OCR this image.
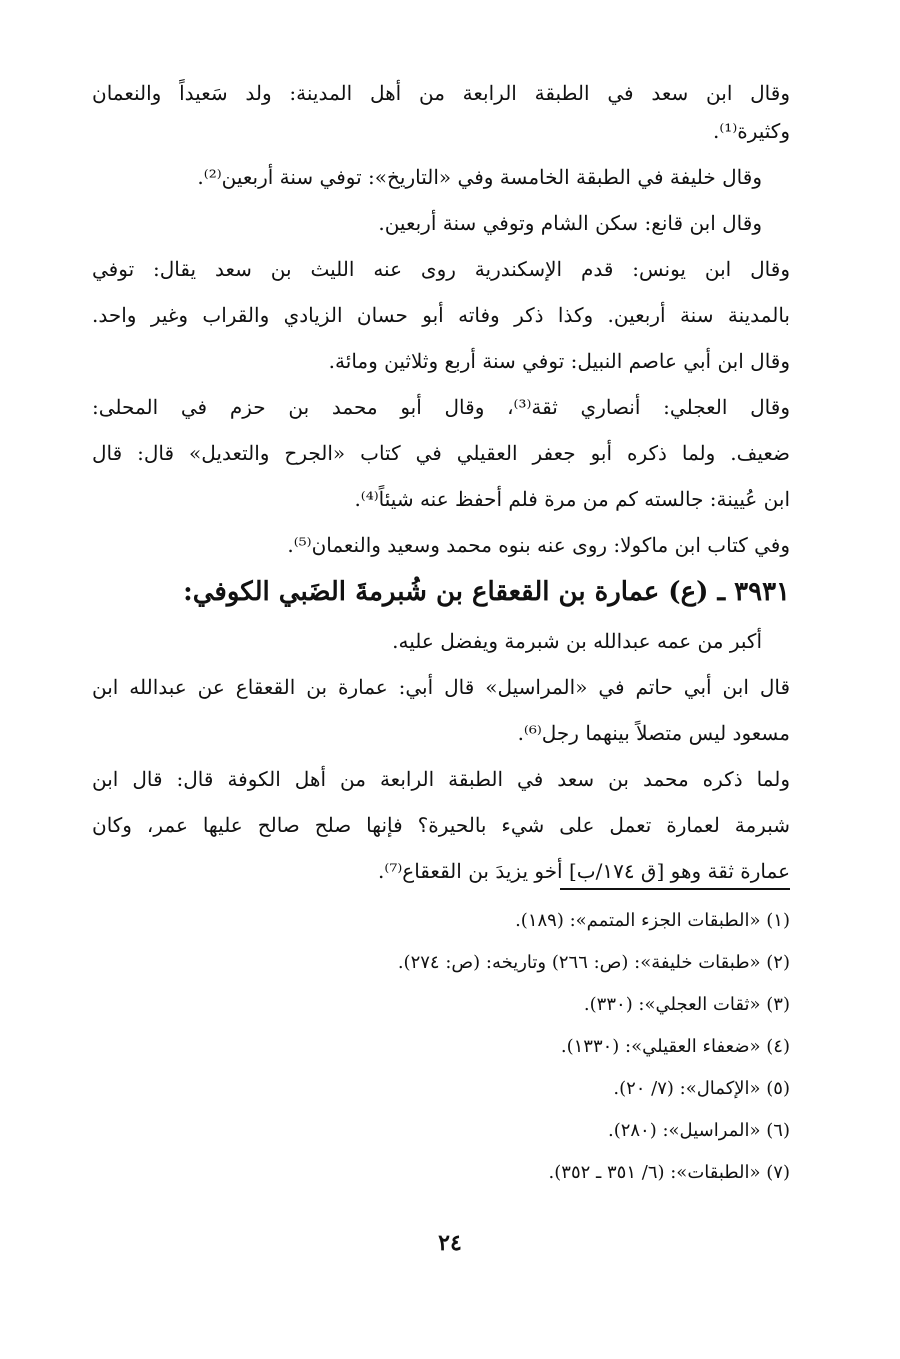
وقال ابن سعد في الطبقة الرابعة من أهل المدينة: ولد سَعيداً والنعمان
وكثيرة⁽¹⁾.
وقال خليفة في الطبقة الخامسة وفي «التاريخ»: توفي سنة أربعين⁽²⁾.
وقال ابن قانع: سكن الشام وتوفي سنة أربعين.
وقال ابن يونس: قدم الإسكندرية روى عنه الليث بن سعد يقال: توفي
بالمدينة سنة أربعين. وكذا ذكر وفاته أبو حسان الزيادي والقراب وغير واحد.
وقال ابن أبي عاصم النبيل: توفي سنة أربع وثلاثين ومائة.
وقال العجلي: أنصاري ثقة⁽³⁾، وقال أبو محمد بن حزم في المحلى:
ضعيف. ولما ذكره أبو جعفر العقيلي في كتاب «الجرح والتعديل» قال: قال
ابن عُيينة: جالسته كم من مرة فلم أحفظ عنه شيئاً⁽⁴⁾.
وفي كتاب ابن ماكولا: روى عنه بنوه محمد وسعيد والنعمان⁽⁵⁾.
٣٩٣١ ـ (ع) عمارة بن القعقاع بن شُبرمةَ الضَبي الكوفي:
أكبر من عمه عبدالله بن شبرمة ويفضل عليه.
قال ابن أبي حاتم في «المراسيل» قال أبي: عمارة بن القعقاع عن عبدالله ابن
مسعود ليس متصلاً بينهما رجل⁽⁶⁾.
ولما ذكره محمد بن سعد في الطبقة الرابعة من أهل الكوفة قال: قال ابن
شبرمة لعمارة تعمل على شيء بالحيرة؟ فإنها صلح صالح عليها عمر، وكان
عمارة ثقة وهو [ق ١٧٤/ب] أخو يزيدَ بن القعقاع⁽⁷⁾.
(١) «الطبقات الجزء المتمم»: (١٨٩).
(٢) «طبقات خليفة»: (ص: ٢٦٦) وتاريخه: (ص: ٢٧٤).
(٣) «ثقات العجلي»: (٣٣٠).
(٤) «ضعفاء العقيلي»: (١٣٣٠).
(٥) «الإكمال»: (٧/ ٢٠).
(٦) «المراسيل»: (٢٨٠).
(٧) «الطبقات»: (٦/ ٣٥١ ـ ٣٥٢).
٢٤
